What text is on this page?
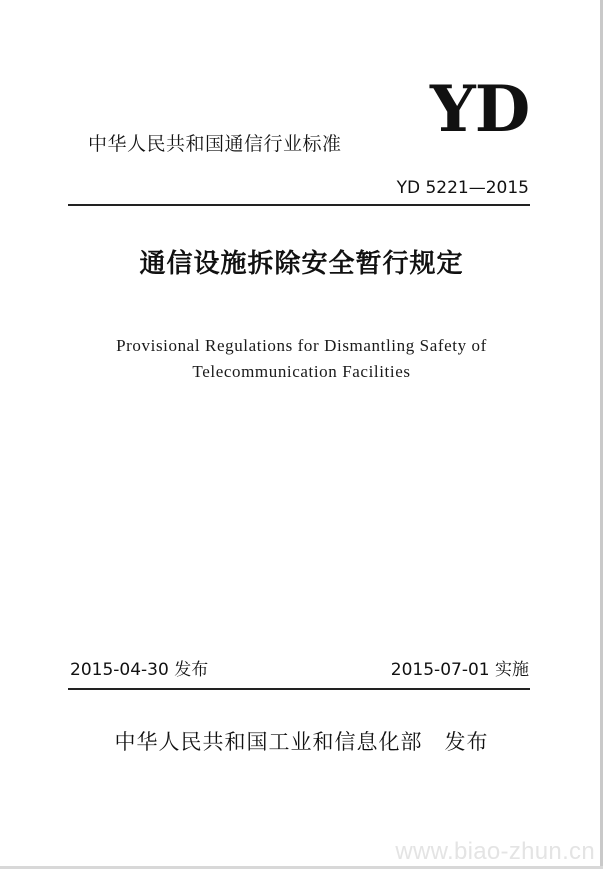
YD
中华人民共和国通信行业标准
YD 5221—2015
通信设施拆除安全暂行规定
Provisional Regulations for Dismantling Safety of
Telecommunication Facilities
2015-04-30 发布	2015-07-01 实施
中华人民共和国工业和信息化部　发布
www.biao-zhun.cn
